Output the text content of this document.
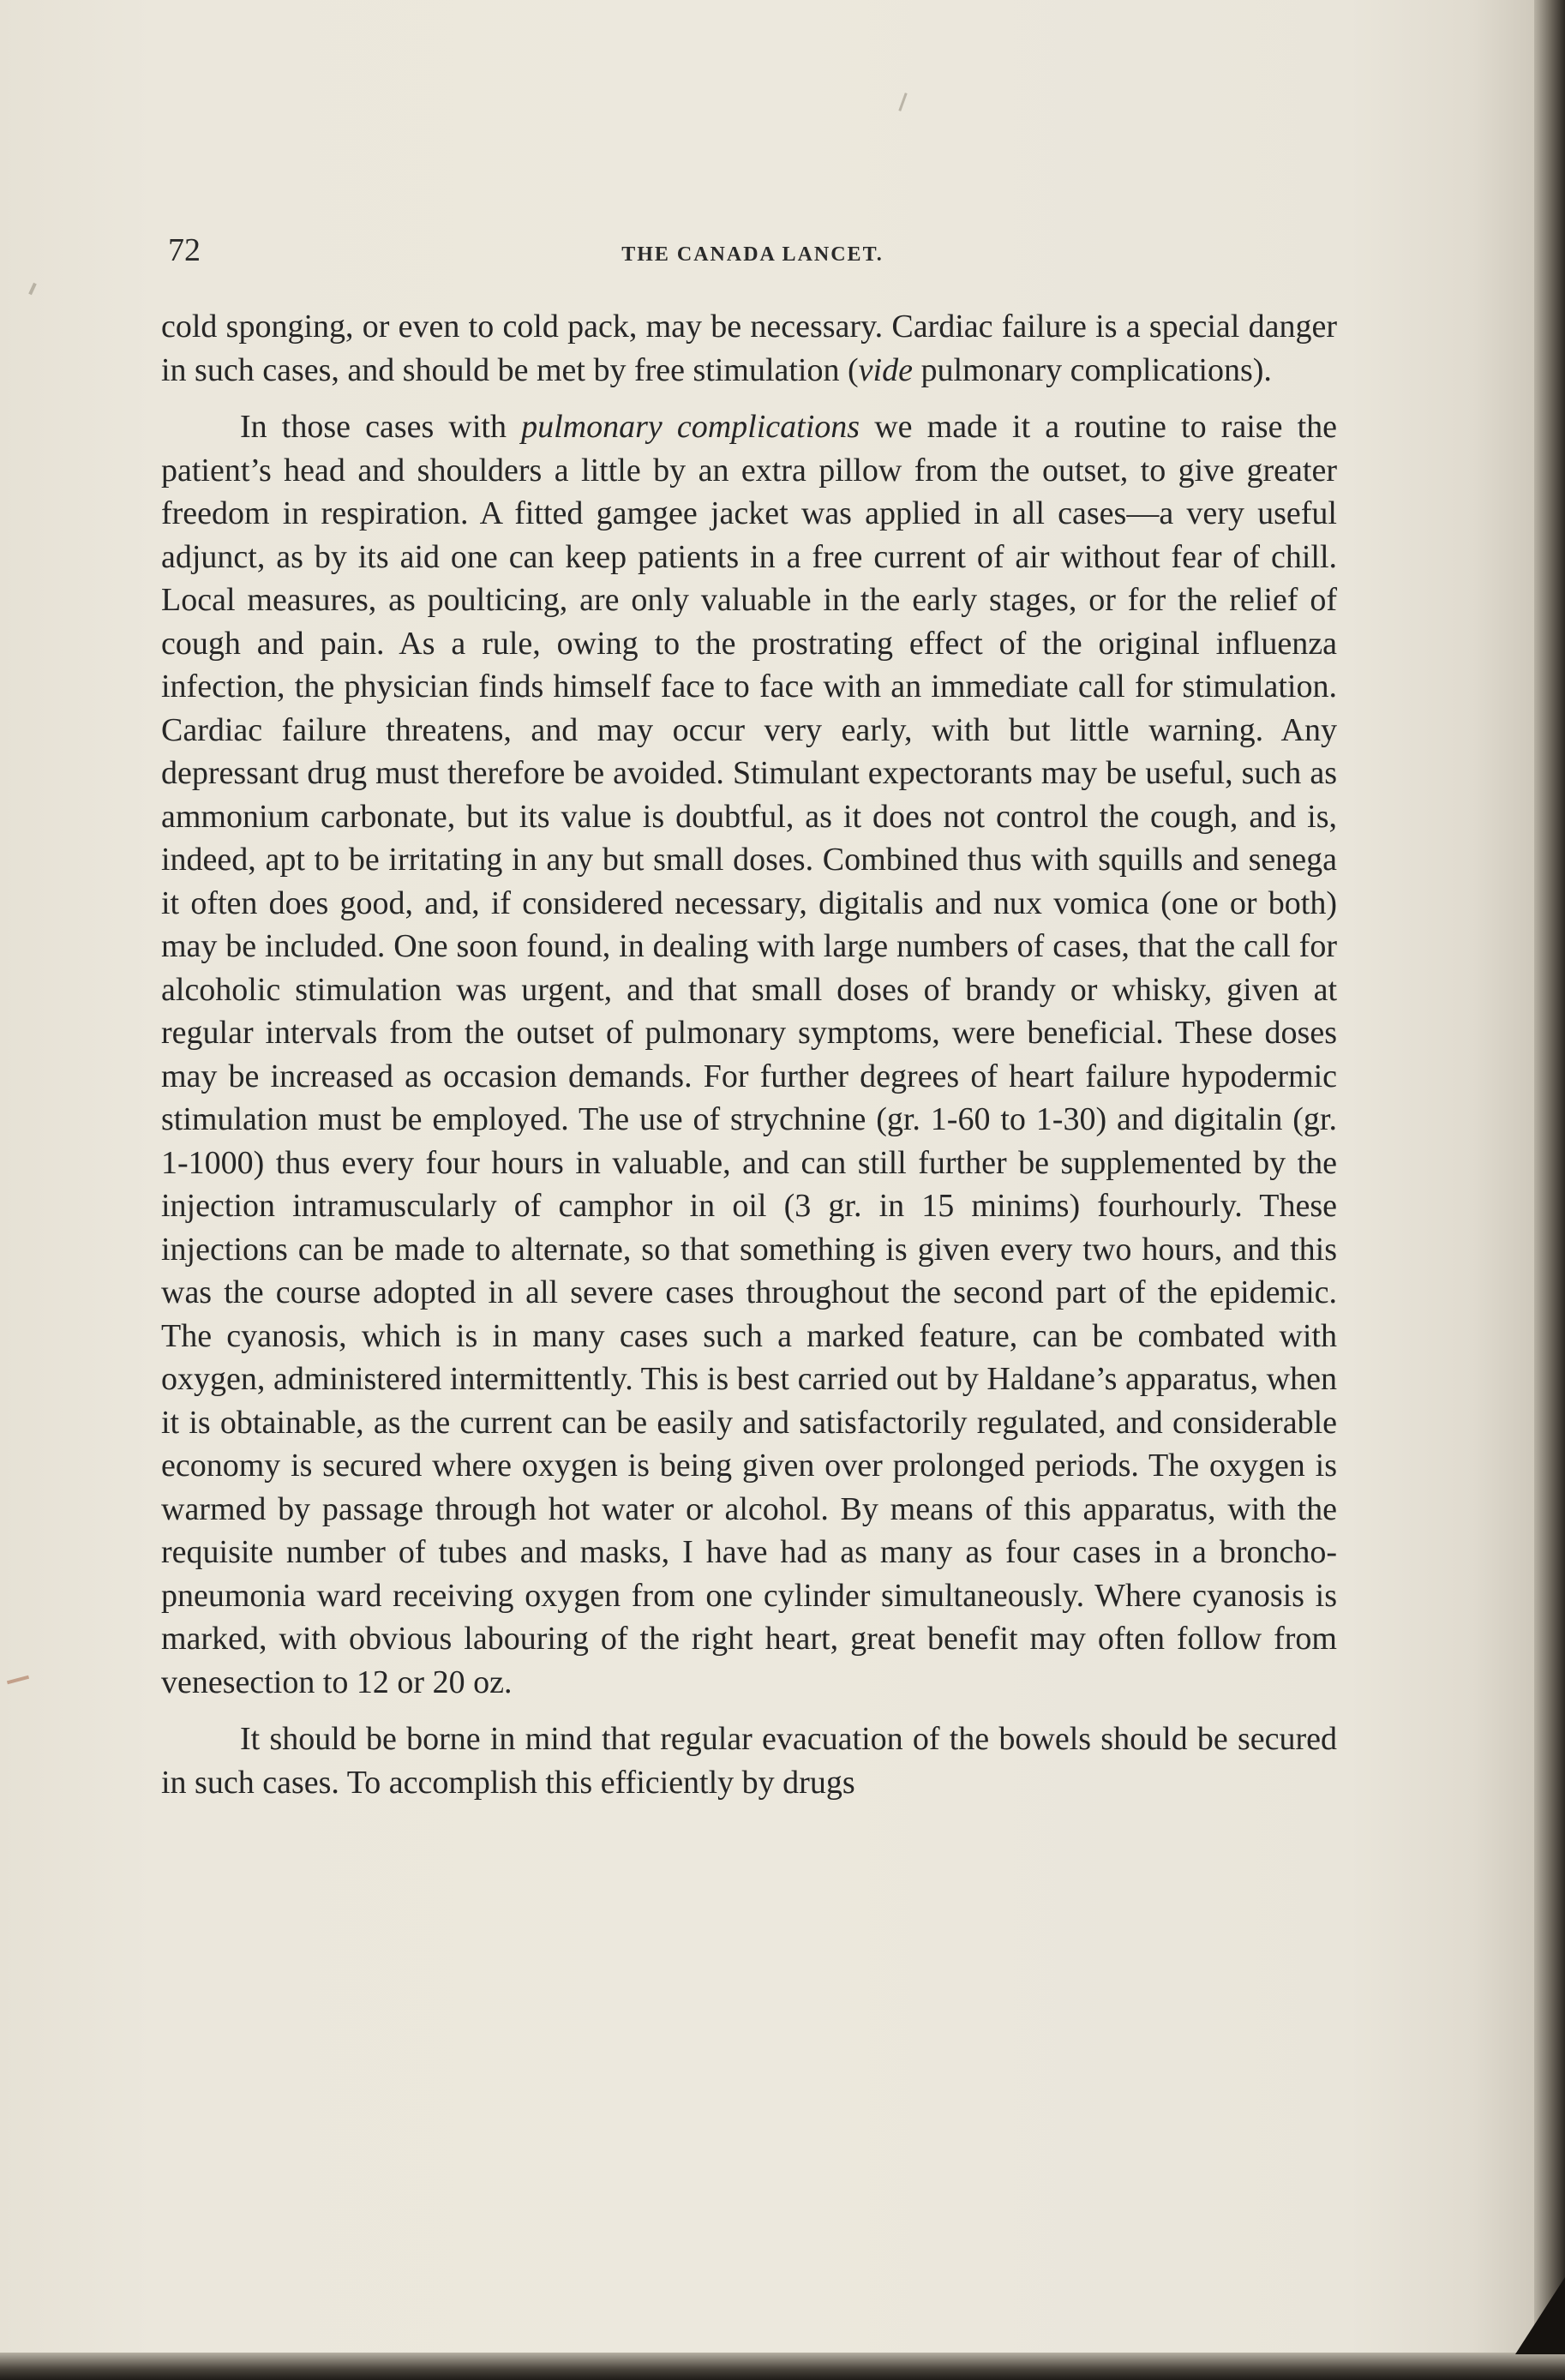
72	THE CANADA LANCET.

cold sponging, or even to cold pack, may be necessary. Cardiac failure is a special danger in such cases, and should be met by free stimulation (vide pulmonary complications).

In those cases with pulmonary complications we made it a routine to raise the patient’s head and shoulders a little by an extra pillow from the outset, to give greater freedom in respiration. A fitted gamgee jacket was applied in all cases—a very useful adjunct, as by its aid one can keep patients in a free current of air without fear of chill. Local measures, as poulticing, are only valuable in the early stages, or for the relief of cough and pain. As a rule, owing to the prostrating effect of the original influenza infection, the physician finds himself face to face with an immediate call for stimulation. Cardiac failure threatens, and may occur very early, with but little warning. Any depressant drug must therefore be avoided. Stimulant expectorants may be useful, such as ammonium carbonate, but its value is doubtful, as it does not control the cough, and is, indeed, apt to be irritating in any but small doses. Combined thus with squills and senega it often does good, and, if considered necessary, digitalis and nux vomica (one or both) may be included. One soon found, in dealing with large numbers of cases, that the call for alcoholic stimulation was urgent, and that small doses of brandy or whisky, given at regular intervals from the outset of pulmonary symptoms, were beneficial. These doses may be increased as occasion demands. For further degrees of heart failure hypodermic stimulation must be employed. The use of strychnine (gr. 1-60 to 1-30) and digitalin (gr. 1-1000) thus every four hours in valuable, and can still further be supplemented by the injection intramuscularly of camphor in oil (3 gr. in 15 minims) fourhourly. These injections can be made to alternate, so that something is given every two hours, and this was the course adopted in all severe cases throughout the second part of the epidemic. The cyanosis, which is in many cases such a marked feature, can be combated with oxygen, administered intermittently. This is best carried out by Haldane’s apparatus, when it is obtainable, as the current can be easily and satisfactorily regulated, and considerable economy is secured where oxygen is being given over prolonged periods. The oxygen is warmed by passage through hot water or alcohol. By means of this apparatus, with the requisite number of tubes and masks, I have had as many as four cases in a broncho-pneumonia ward receiving oxygen from one cylinder simultaneously. Where cyanosis is marked, with obvious labouring of the right heart, great benefit may often follow from venesection to 12 or 20 oz.

It should be borne in mind that regular evacuation of the bowels should be secured in such cases. To accomplish this efficiently by drugs
